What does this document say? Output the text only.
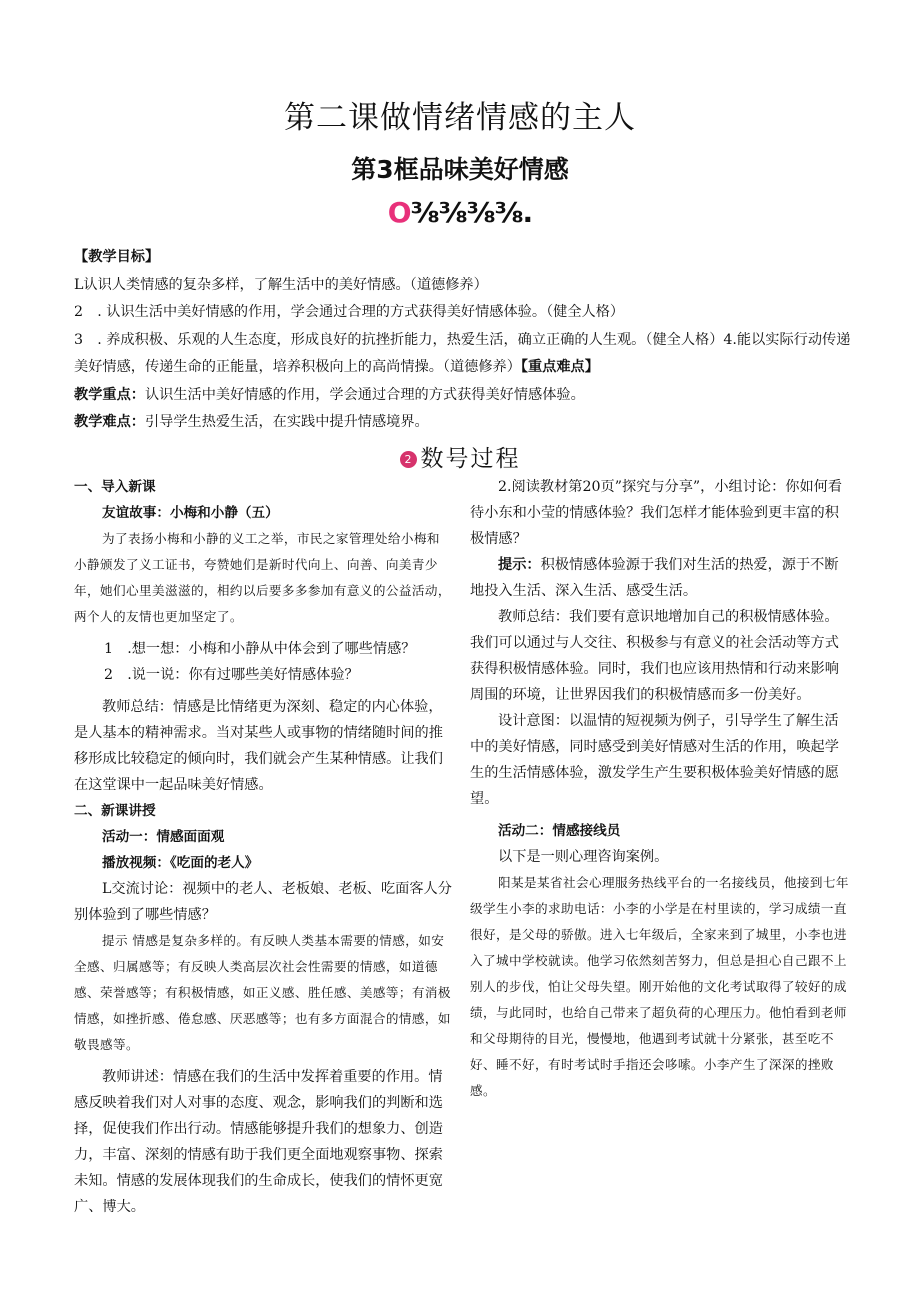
第二课做情绪情感的主人
第3框品味美好情感
O⅜⅜⅜⅜.

【教学目标】

L认识人类情感的复杂多样，了解生活中的美好情感。（道德修养）

2　. 认识生活中美好情感的作用，学会通过合理的方式获得美好情感体验。（健全人格）

3　. 养成积极、乐观的人生态度，形成良好的抗挫折能力，热爱生活，确立正确的人生观。（健全人格）4.能以实际行动传递美好情感，传递生命的正能量，培养积极向上的高尚情操。（道德修养）【重点难点】

教学重点：认识生活中美好情感的作用，学会通过合理的方式获得美好情感体验。

教学难点：引导学生热爱生活，在实践中提升情感境界。

2 数号过程

一、导入新课

友谊故事：小梅和小静（五）

为了表扬小梅和小静的义工之举，市民之家管理处给小梅和小静颁发了义工证书，夸赞她们是新时代向上、向善、向美青少年，她们心里美滋滋的，相约以后要多多参加有意义的公益活动，两个人的友情也更加坚定了。

1　.想一想：小梅和小静从中体会到了哪些情感？

2　.说一说：你有过哪些美好情感体验？

教师总结：情感是比情绪更为深刻、稳定的内心体验，是人基本的精神需求。当对某些人或事物的情绪随时间的推移形成比较稳定的倾向时，我们就会产生某种情感。让我们在这堂课中一起品味美好情感。

二、新课讲授

活动一：情感面面观

播放视频：《吃面的老人》

L交流讨论：视频中的老人、老板娘、老板、吃面客人分别体验到了哪些情感？

提示 情感是复杂多样的。有反映人类基本需要的情感，如安全感、归属感等；有反映人类高层次社会性需要的情感，如道德感、荣誉感等；有积极情感，如正义感、胜任感、美感等；有消极情感，如挫折感、倦怠感、厌恶感等；也有多方面混合的情感，如敬畏感等。

教师讲述：情感在我们的生活中发挥着重要的作用。情感反映着我们对人对事的态度、观念，影响我们的判断和选择，促使我们作出行动。情感能够提升我们的想象力、创造力，丰富、深刻的情感有助于我们更全面地观察事物、探索未知。情感的发展体现我们的生命成长，使我们的情怀更宽广、博大。

2.阅读教材第20页”探究与分享”，小组讨论：你如何看待小东和小莹的情感体验？我们怎样才能体验到更丰富的积极情感？

提示：积极情感体验源于我们对生活的热爱，源于不断地投入生活、深入生活、感受生活。

教师总结：我们要有意识地增加自己的积极情感体验。我们可以通过与人交往、积极参与有意义的社会活动等方式获得积极情感体验。同时，我们也应该用热情和行动来影响周围的环境，让世界因我们的积极情感而多一份美好。

设计意图：以温情的短视频为例子，引导学生了解生活中的美好情感，同时感受到美好情感对生活的作用，唤起学生的生活情感体验，激发学生产生要积极体验美好情感的愿望。

活动二：情感接线员

以下是一则心理咨询案例。

阳某是某省社会心理服务热线平台的一名接线员，他接到七年级学生小李的求助电话：小李的小学是在村里读的，学习成绩一直很好，是父母的骄傲。进入七年级后，全家来到了城里，小李也进入了城中学校就读。他学习依然刻苦努力，但总是担心自己跟不上别人的步伐，怕让父母失望。刚开始他的文化考试取得了较好的成绩，与此同时，也给自己带来了超负荷的心理压力。他怕看到老师和父母期待的目光，慢慢地，他遇到考试就十分紧张，甚至吃不好、睡不好，有时考试时手指还会哆嗦。小李产生了深深的挫败感。
